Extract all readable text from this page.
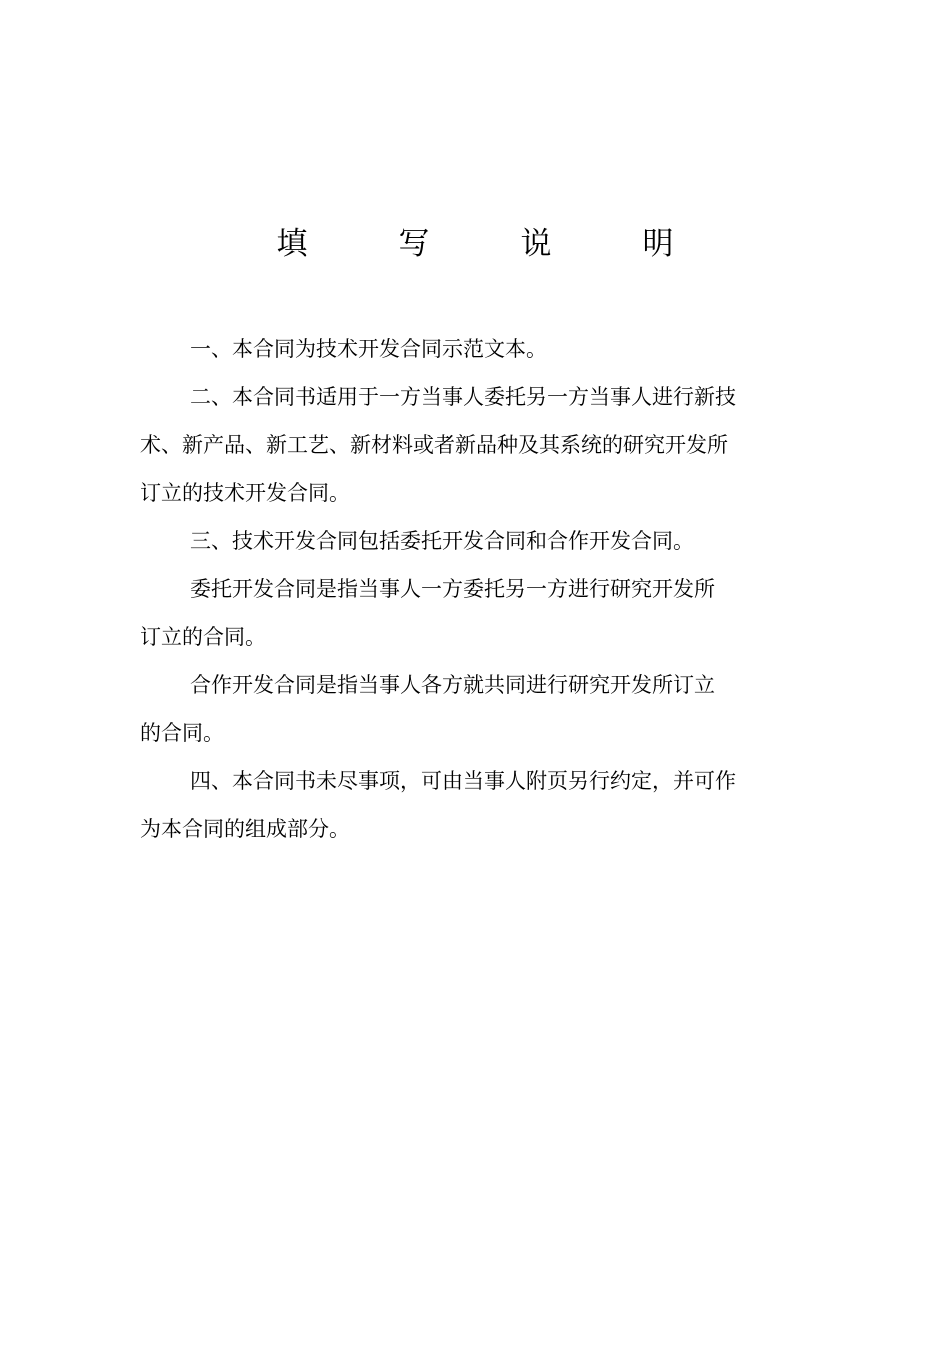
填　写　说　明
一、本合同为技术开发合同示范文本。
二、本合同书适用于一方当事人委托另一方当事人进行新技
术、新产品、新工艺、新材料或者新品种及其系统的研究开发所
订立的技术开发合同。
三、技术开发合同包括委托开发合同和合作开发合同。
委托开发合同是指当事人一方委托另一方进行研究开发所
订立的合同。
合作开发合同是指当事人各方就共同进行研究开发所订立
的合同。
四、本合同书未尽事项，可由当事人附页另行约定，并可作
为本合同的组成部分。
